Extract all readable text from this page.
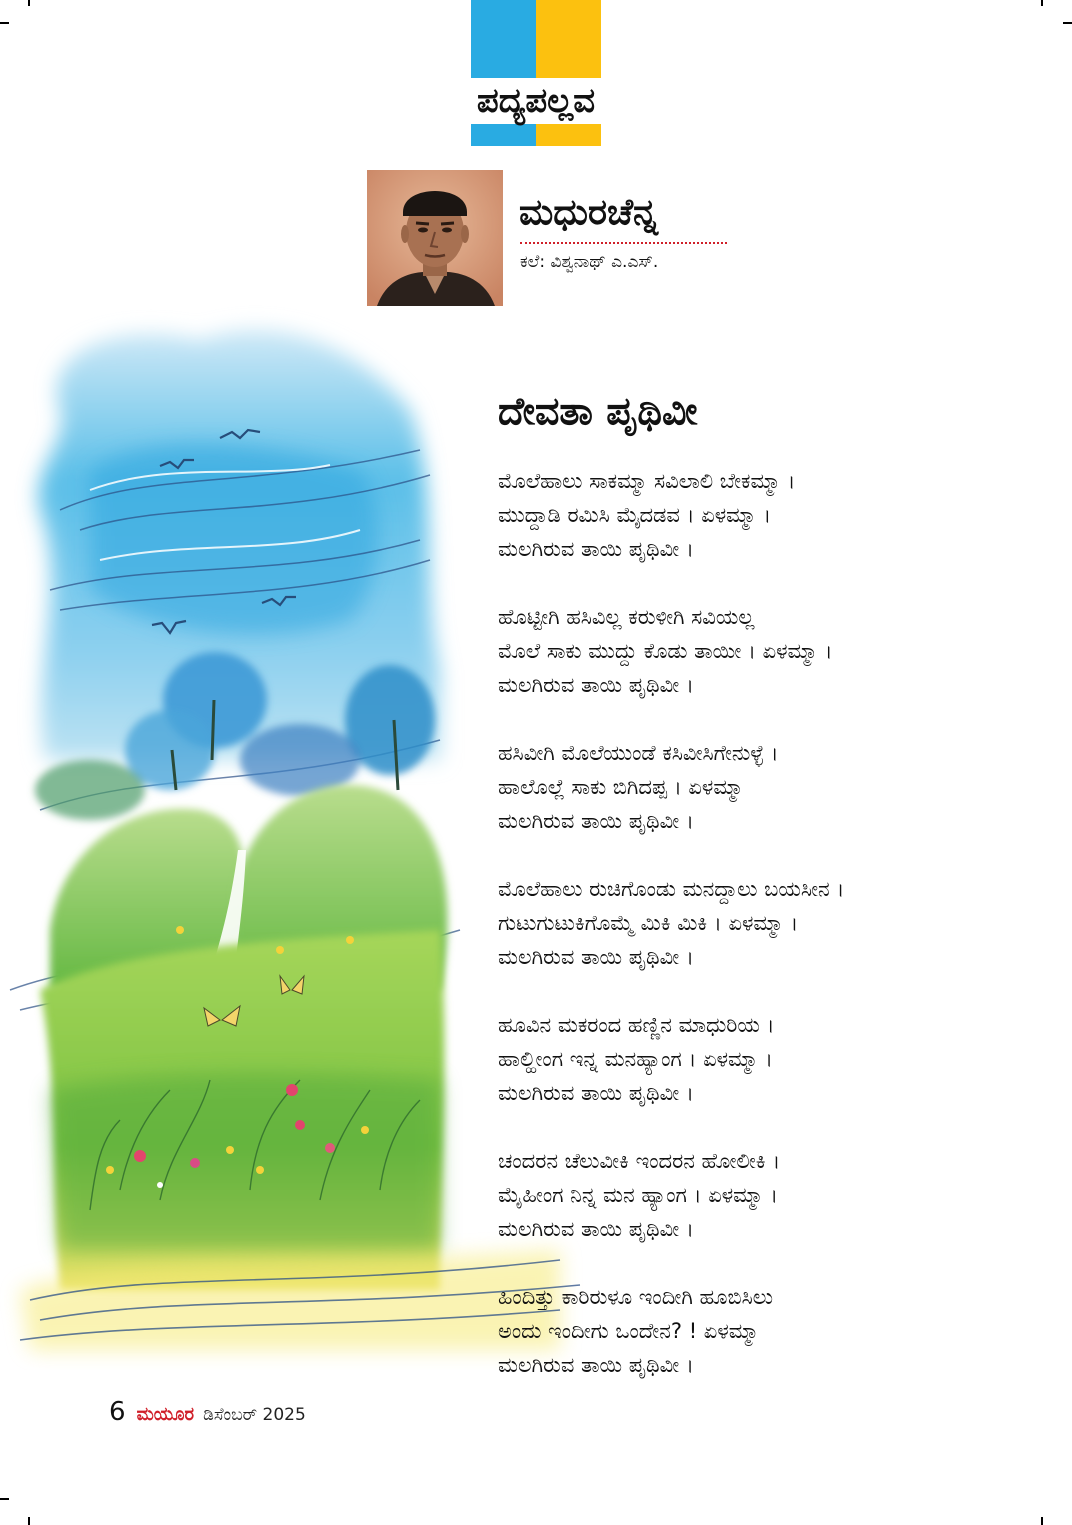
ಪದ್ಯಪಲ್ಲವ
ಮಧುರಚೆನ್ನ
ಕಲೆ: ವಿಶ್ವನಾಥ್ ಎ.ಎಸ್.
ದೇವತಾ ಪೃಥಿವೀ
ಮೊಲೆಹಾಲು ಸಾಕಮ್ಮಾ ಸವಿಲಾಲಿ ಬೇಕಮ್ಮಾ ।
ಮುದ್ದಾಡಿ ರಮಿಸಿ ಮೈದಡವ । ಏಳಮ್ಮಾ ।
ಮಲಗಿರುವ ತಾಯಿ ಪೃಥಿವೀ ।
ಹೊಟ್ಟೀಗಿ ಹಸಿವಿಲ್ಲ ಕರುಳೀಗಿ ಸವಿಯಲ್ಲ
ಮೊಲೆ ಸಾಕು ಮುದ್ದು ಕೊಡು ತಾಯೀ । ಏಳಮ್ಮಾ ।
ಮಲಗಿರುವ ತಾಯಿ ಪೃಥಿವೀ ।
ಹಸಿವೀಗಿ ಮೊಲೆಯುಂಡೆ ಕಸಿವೀಸಿಗೇನುಳ್ಳೆ ।
ಹಾಲೊಲ್ಲೆ ಸಾಕು ಬಿಗಿದಪ್ಪ । ಏಳಮ್ಮಾ
ಮಲಗಿರುವ ತಾಯಿ ಪೃಥಿವೀ ।
ಮೊಲೆಹಾಲು ರುಚಿಗೊಂಡು ಮನದ್ದಾಲು ಬಯಸೀನ ।
ಗುಟುಗುಟುಕಿಗೊಮ್ಮೆ ಮಿಕಿ ಮಿಕಿ । ಏಳಮ್ಮಾ ।
ಮಲಗಿರುವ ತಾಯಿ ಪೃಥಿವೀ ।
ಹೂವಿನ ಮಕರಂದ ಹಣ್ಣಿನ ಮಾಧುರಿಯ ।
ಹಾಲ್ಹೀಂಗ ಇನ್ನ ಮನಹ್ಯಾಂಗ । ಏಳಮ್ಮಾ ।
ಮಲಗಿರುವ ತಾಯಿ ಪೃಥಿವೀ ।
ಚಂದರನ ಚೆಲುವೀಕಿ ಇಂದರನ ಹೋಲೀಕಿ ।
ಮೈಹೀಂಗ ನಿನ್ನ ಮನ ಹ್ಯಾಂಗ । ಏಳಮ್ಮಾ ।
ಮಲಗಿರುವ ತಾಯಿ ಪೃಥಿವೀ ।
ಹಿಂದಿತ್ತು ಕಾರಿರುಳೂ ಇಂದೀಗಿ ಹೂಬಿಸಿಲು
ಅಂದು ಇಂದೀಗು ಒಂದೇನ? ! ಏಳಮ್ಮಾ
ಮಲಗಿರುವ ತಾಯಿ ಪೃಥಿವೀ ।
6 ಮಯೂರ ಡಿಸೆಂಬರ್ 2025
